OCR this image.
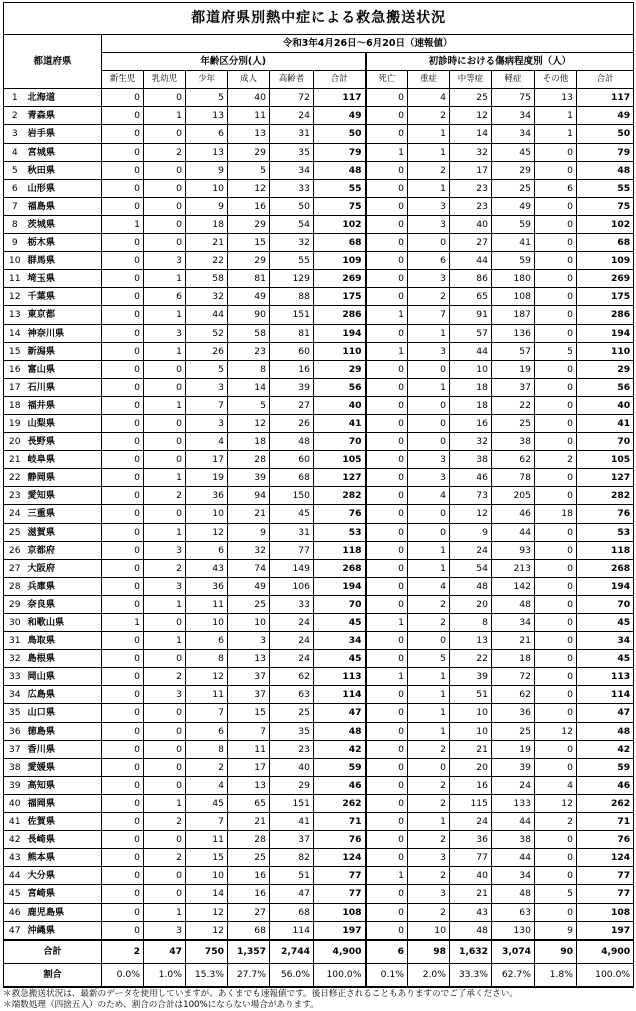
都道府県別熱中症による救急搬送状況													
都道府県		令和3年4月26日～6月20日（速報値）											
		年齢区分別(人)						初診時における傷病程度別（人）					
		新生児	乳幼児	少年	成人	高齢者	合計	死亡	重症	中等症	軽症	その他	合計
1	北海道	0	0	5	40	72	117	0	4	25	75	13	117
2	青森県	0	1	13	11	24	49	0	2	12	34	1	49
3	岩手県	0	0	6	13	31	50	0	1	14	34	1	50
4	宮城県	0	2	13	29	35	79	1	1	32	45	0	79
5	秋田県	0	0	9	5	34	48	0	2	17	29	0	48
6	山形県	0	0	10	12	33	55	0	1	23	25	6	55
7	福島県	0	0	9	16	50	75	0	3	23	49	0	75
8	茨城県	1	0	18	29	54	102	0	3	40	59	0	102
9	栃木県	0	0	21	15	32	68	0	0	27	41	0	68
10	群馬県	0	3	22	29	55	109	0	6	44	59	0	109
11	埼玉県	0	1	58	81	129	269	0	3	86	180	0	269
12	千葉県	0	6	32	49	88	175	0	2	65	108	0	175
13	東京都	0	1	44	90	151	286	1	7	91	187	0	286
14	神奈川県	0	3	52	58	81	194	0	1	57	136	0	194
15	新潟県	0	1	26	23	60	110	1	3	44	57	5	110
16	富山県	0	0	5	8	16	29	0	0	10	19	0	29
17	石川県	0	0	3	14	39	56	0	1	18	37	0	56
18	福井県	0	1	7	5	27	40	0	0	18	22	0	40
19	山梨県	0	0	3	12	26	41	0	0	16	25	0	41
20	長野県	0	0	4	18	48	70	0	0	32	38	0	70
21	岐阜県	0	0	17	28	60	105	0	3	38	62	2	105
22	静岡県	0	1	19	39	68	127	0	3	46	78	0	127
23	愛知県	0	2	36	94	150	282	0	4	73	205	0	282
24	三重県	0	0	10	21	45	76	0	0	12	46	18	76
25	滋賀県	0	1	12	9	31	53	0	0	9	44	0	53
26	京都府	0	3	6	32	77	118	0	1	24	93	0	118
27	大阪府	0	2	43	74	149	268	0	1	54	213	0	268
28	兵庫県	0	3	36	49	106	194	0	4	48	142	0	194
29	奈良県	0	1	11	25	33	70	0	2	20	48	0	70
30	和歌山県	1	0	10	10	24	45	1	2	8	34	0	45
31	鳥取県	0	1	6	3	24	34	0	0	13	21	0	34
32	島根県	0	0	8	13	24	45	0	5	22	18	0	45
33	岡山県	0	2	12	37	62	113	1	1	39	72	0	113
34	広島県	0	3	11	37	63	114	0	1	51	62	0	114
35	山口県	0	0	7	15	25	47	0	1	10	36	0	47
36	徳島県	0	0	6	7	35	48	0	1	10	25	12	48
37	香川県	0	0	8	11	23	42	0	2	21	19	0	42
38	愛媛県	0	0	2	17	40	59	0	0	20	39	0	59
39	高知県	0	0	4	13	29	46	0	2	16	24	4	46
40	福岡県	0	1	45	65	151	262	0	2	115	133	12	262
41	佐賀県	0	2	7	21	41	71	0	1	24	44	2	71
42	長崎県	0	0	11	28	37	76	0	2	36	38	0	76
43	熊本県	0	2	15	25	82	124	0	3	77	44	0	124
44	大分県	0	0	10	16	51	77	1	2	40	34	0	77
45	宮崎県	0	0	14	16	47	77	0	3	21	48	5	77
46	鹿児島県	0	1	12	27	68	108	0	2	43	63	0	108
47	沖縄県	0	3	12	68	114	197	0	10	48	130	9	197
合計		2	47	750	1,357	2,744	4,900	6	98	1,632	3,074	90	4,900
割合		0.0%	1.0%	15.3%	27.7%	56.0%	100.0%	0.1%	2.0%	33.3%	62.7%	1.8%	100.0%
＊救急搬送状況は、最新のデータを使用していますが、あくまでも速報値です。後日修正されることもありますのでご了承ください。
＊端数処理（四捨五入）のため、割合の合計は100%にならない場合があります。
